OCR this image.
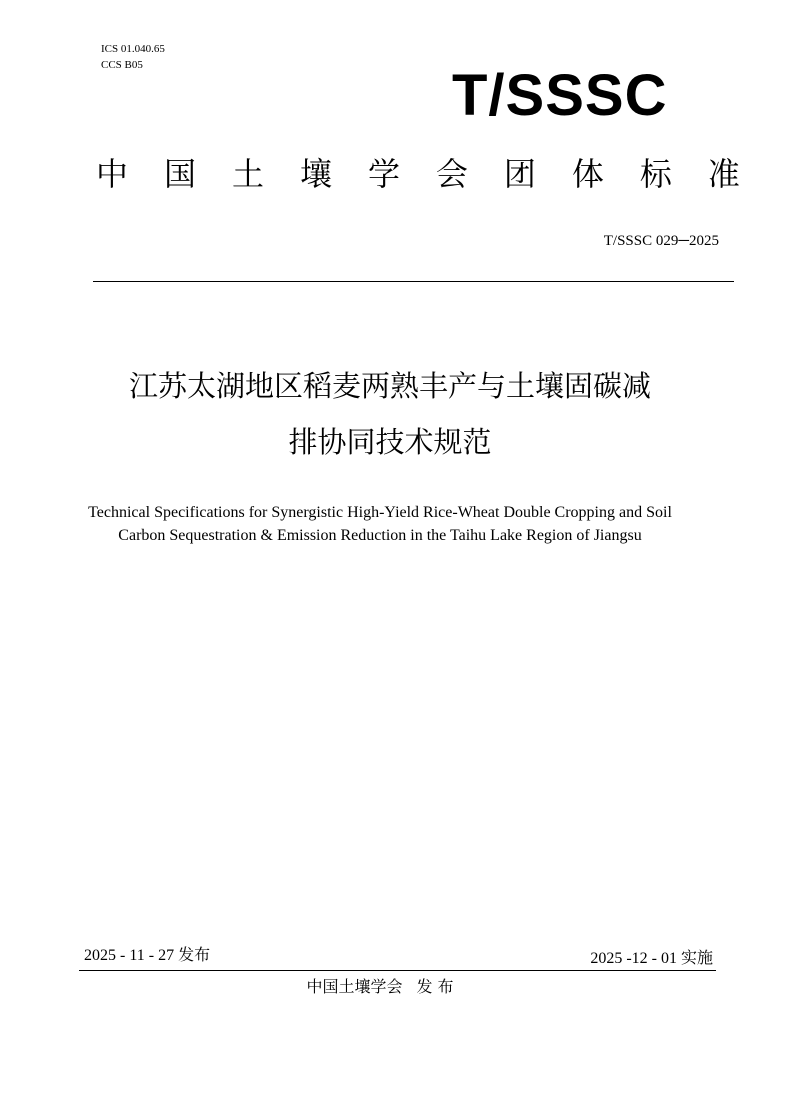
ICS 01.040.65
CCS B05	T/SSSC
中 国 土 壤 学 会 团 体 标 准
T/SSSC 029─2025
江苏太湖地区稻麦两熟丰产与土壤固碳减
排协同技术规范
Technical Specifications for Synergistic High-Yield Rice-Wheat Double Cropping and Soil Carbon Sequestration & Emission Reduction in the Taihu Lake Region of Jiangsu
2025 - 11 - 27 发布	2025 -12 - 01 实施
中国土壤学会 发 布
